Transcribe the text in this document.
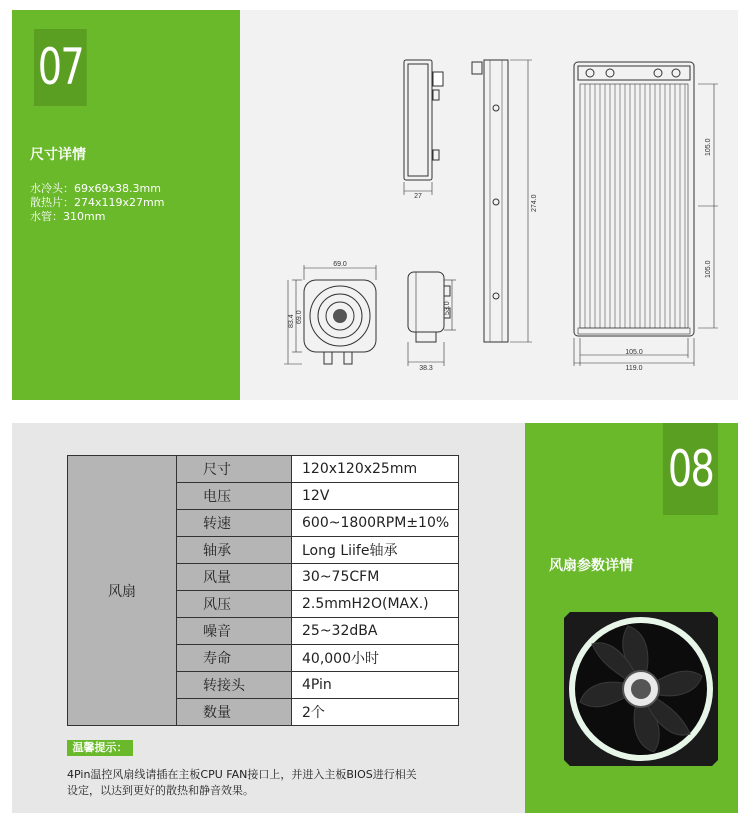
07
尺寸详情
水冷头：69x69x38.3mm
散热片：274x119x27mm
水管：310mm
27	274.0
105.0
105.0
105.0
119.0
69.0
69.0
83.4
53.0
38.3
08
风扇参数详情
风扇	尺寸	120x120x25mm
	电压	12V
	转速	600~1800RPM±10%
	轴承	Long Liife轴承
	风量	30~75CFM
	风压	2.5mmH2O(MAX.)
	噪音	25~32dBA
	寿命	40,000小时
	转接头	4Pin
	数量	2个
温馨提示：
4Pin温控风扇线请插在主板CPU FAN接口上，并进入主板BIOS进行相关
设定，以达到更好的散热和静音效果。
